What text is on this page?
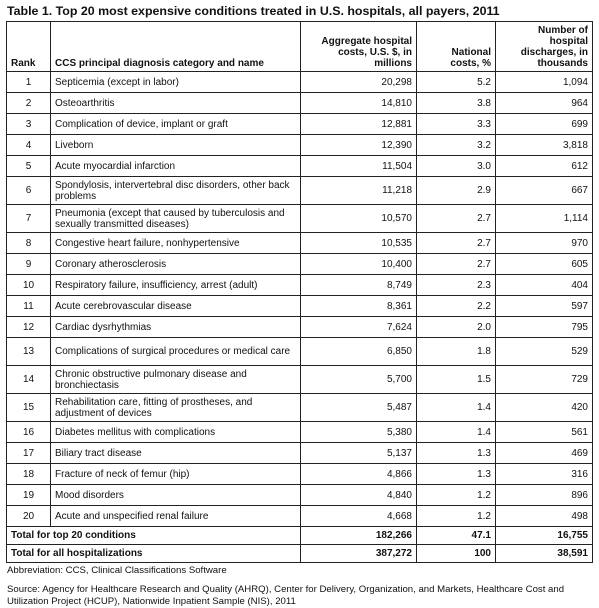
Table 1. Top 20 most expensive conditions treated in U.S. hospitals, all payers, 2011
Rank	CCS principal diagnosis category and name	Aggregate hospital costs, U.S. $, in millions	National costs, %	Number of hospital discharges, in thousands
1	Septicemia (except in labor)	20,298	5.2	1,094
2	Osteoarthritis	14,810	3.8	964
3	Complication of device, implant or graft	12,881	3.3	699
4	Liveborn	12,390	3.2	3,818
5	Acute myocardial infarction	11,504	3.0	612
6	Spondylosis, intervertebral disc disorders, other back problems	11,218	2.9	667
7	Pneumonia (except that caused by tuberculosis and sexually transmitted diseases)	10,570	2.7	1,114
8	Congestive heart failure, nonhypertensive	10,535	2.7	970
9	Coronary atherosclerosis	10,400	2.7	605
10	Respiratory failure, insufficiency, arrest (adult)	8,749	2.3	404
11	Acute cerebrovascular disease	8,361	2.2	597
12	Cardiac dysrhythmias	7,624	2.0	795
13	Complications of surgical procedures or medical care	6,850	1.8	529
14	Chronic obstructive pulmonary disease and bronchiectasis	5,700	1.5	729
15	Rehabilitation care, fitting of prostheses, and adjustment of devices	5,487	1.4	420
16	Diabetes mellitus with complications	5,380	1.4	561
17	Biliary tract disease	5,137	1.3	469
18	Fracture of neck of femur (hip)	4,866	1.3	316
19	Mood disorders	4,840	1.2	896
20	Acute and unspecified renal failure	4,668	1.2	498
Total for top 20 conditions		182,266	47.1	16,755
Total for all hospitalizations		387,272	100	38,591
Abbreviation: CCS, Clinical Classifications Software
Source: Agency for Healthcare Research and Quality (AHRQ), Center for Delivery, Organization, and Markets, Healthcare Cost and Utilization Project (HCUP), Nationwide Inpatient Sample (NIS), 2011
